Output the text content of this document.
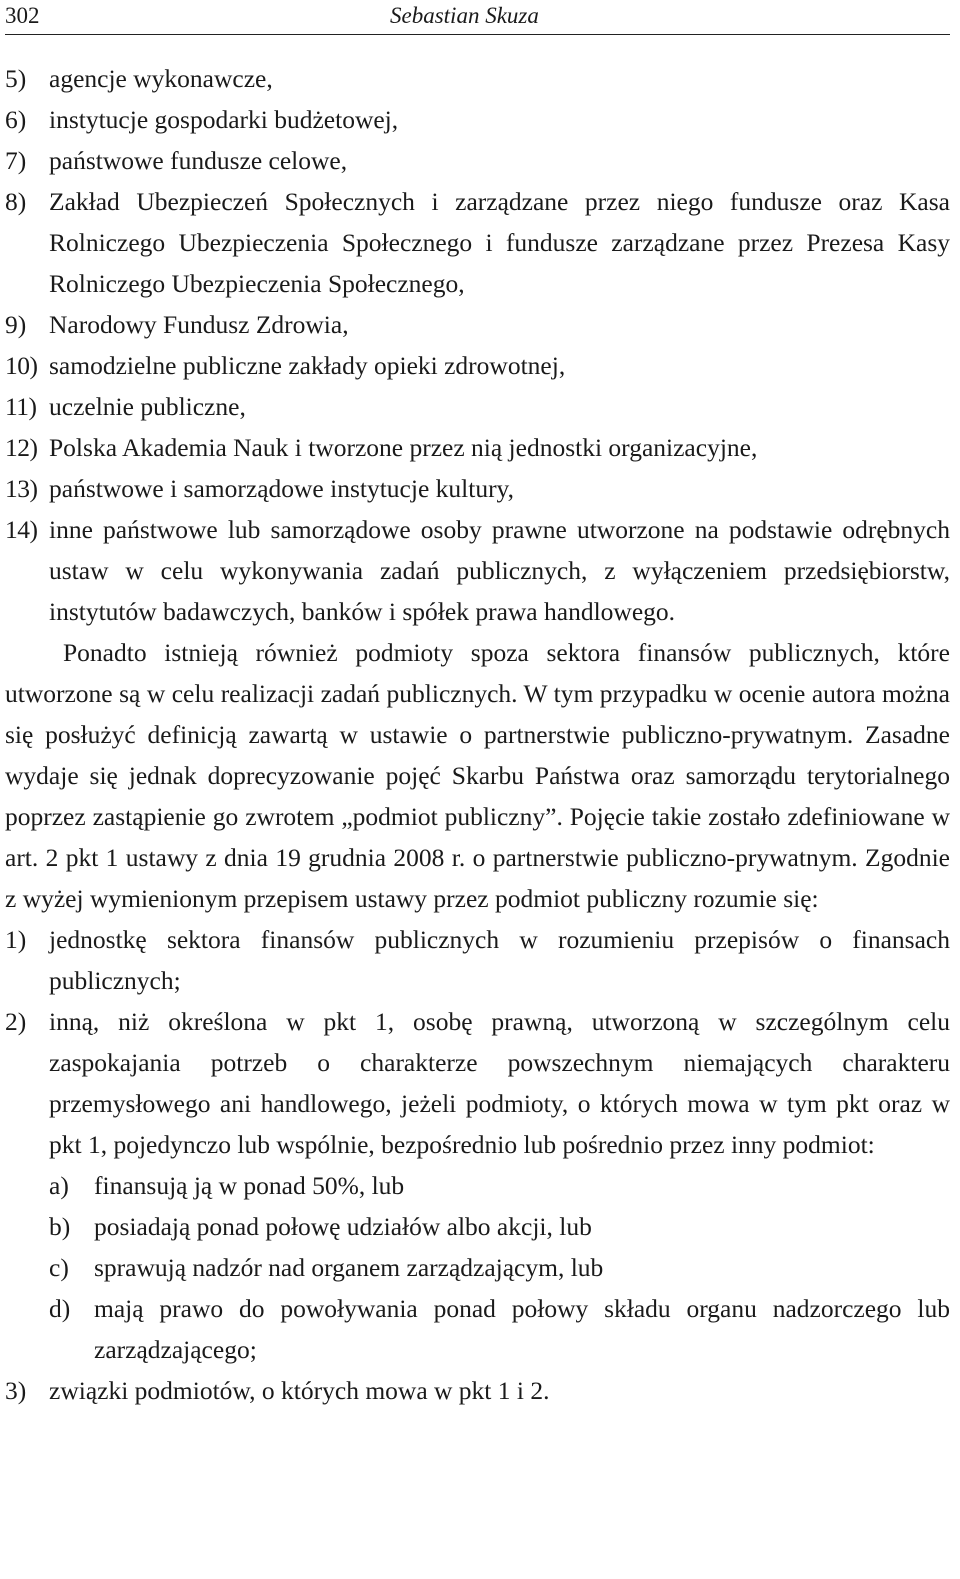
302	Sebastian Skuza
5) agencje wykonawcze,
6) instytucje gospodarki budżetowej,
7) państwowe fundusze celowe,
8) Zakład Ubezpieczeń Społecznych i zarządzane przez niego fundusze oraz Kasa Rolniczego Ubezpieczenia Społecznego i fundusze zarządzane przez Prezesa Kasy Rolniczego Ubezpieczenia Społecznego,
9) Narodowy Fundusz Zdrowia,
10) samodzielne publiczne zakłady opieki zdrowotnej,
11) uczelnie publiczne,
12) Polska Akademia Nauk i tworzone przez nią jednostki organizacyjne,
13) państwowe i samorządowe instytucje kultury,
14) inne państwowe lub samorządowe osoby prawne utworzone na podstawie odrębnych ustaw w celu wykonywania zadań publicznych, z wyłączeniem przedsiębiorstw, instytutów badawczych, banków i spółek prawa handlowego.
Ponadto istnieją również podmioty spoza sektora finansów publicznych, które utworzone są w celu realizacji zadań publicznych. W tym przypadku w ocenie autora można się posłużyć definicją zawartą w ustawie o partnerstwie publiczno-prywatnym. Zasadne wydaje się jednak doprecyzowanie pojęć Skarbu Państwa oraz samorządu terytorialnego poprzez zastąpienie go zwrotem „podmiot publiczny”. Pojęcie takie zostało zdefiniowane w art. 2 pkt 1 ustawy z dnia 19 grudnia 2008 r. o partnerstwie publiczno-prywatnym. Zgodnie z wyżej wymienionym przepisem ustawy przez podmiot publiczny rozumie się:
1) jednostkę sektora finansów publicznych w rozumieniu przepisów o finansach publicznych;
2) inną, niż określona w pkt 1, osobę prawną, utworzoną w szczególnym celu zaspokajania potrzeb o charakterze powszechnym niemających charakteru przemysłowego ani handlowego, jeżeli podmioty, o których mowa w tym pkt oraz w pkt 1, pojedynczo lub wspólnie, bezpośrednio lub pośrednio przez inny podmiot:
a) finansują ją w ponad 50%, lub
b) posiadają ponad połowę udziałów albo akcji, lub
c) sprawują nadzór nad organem zarządzającym, lub
d) mają prawo do powoływania ponad połowy składu organu nadzorczego lub zarządzającego;
3) związki podmiotów, o których mowa w pkt 1 i 2.
